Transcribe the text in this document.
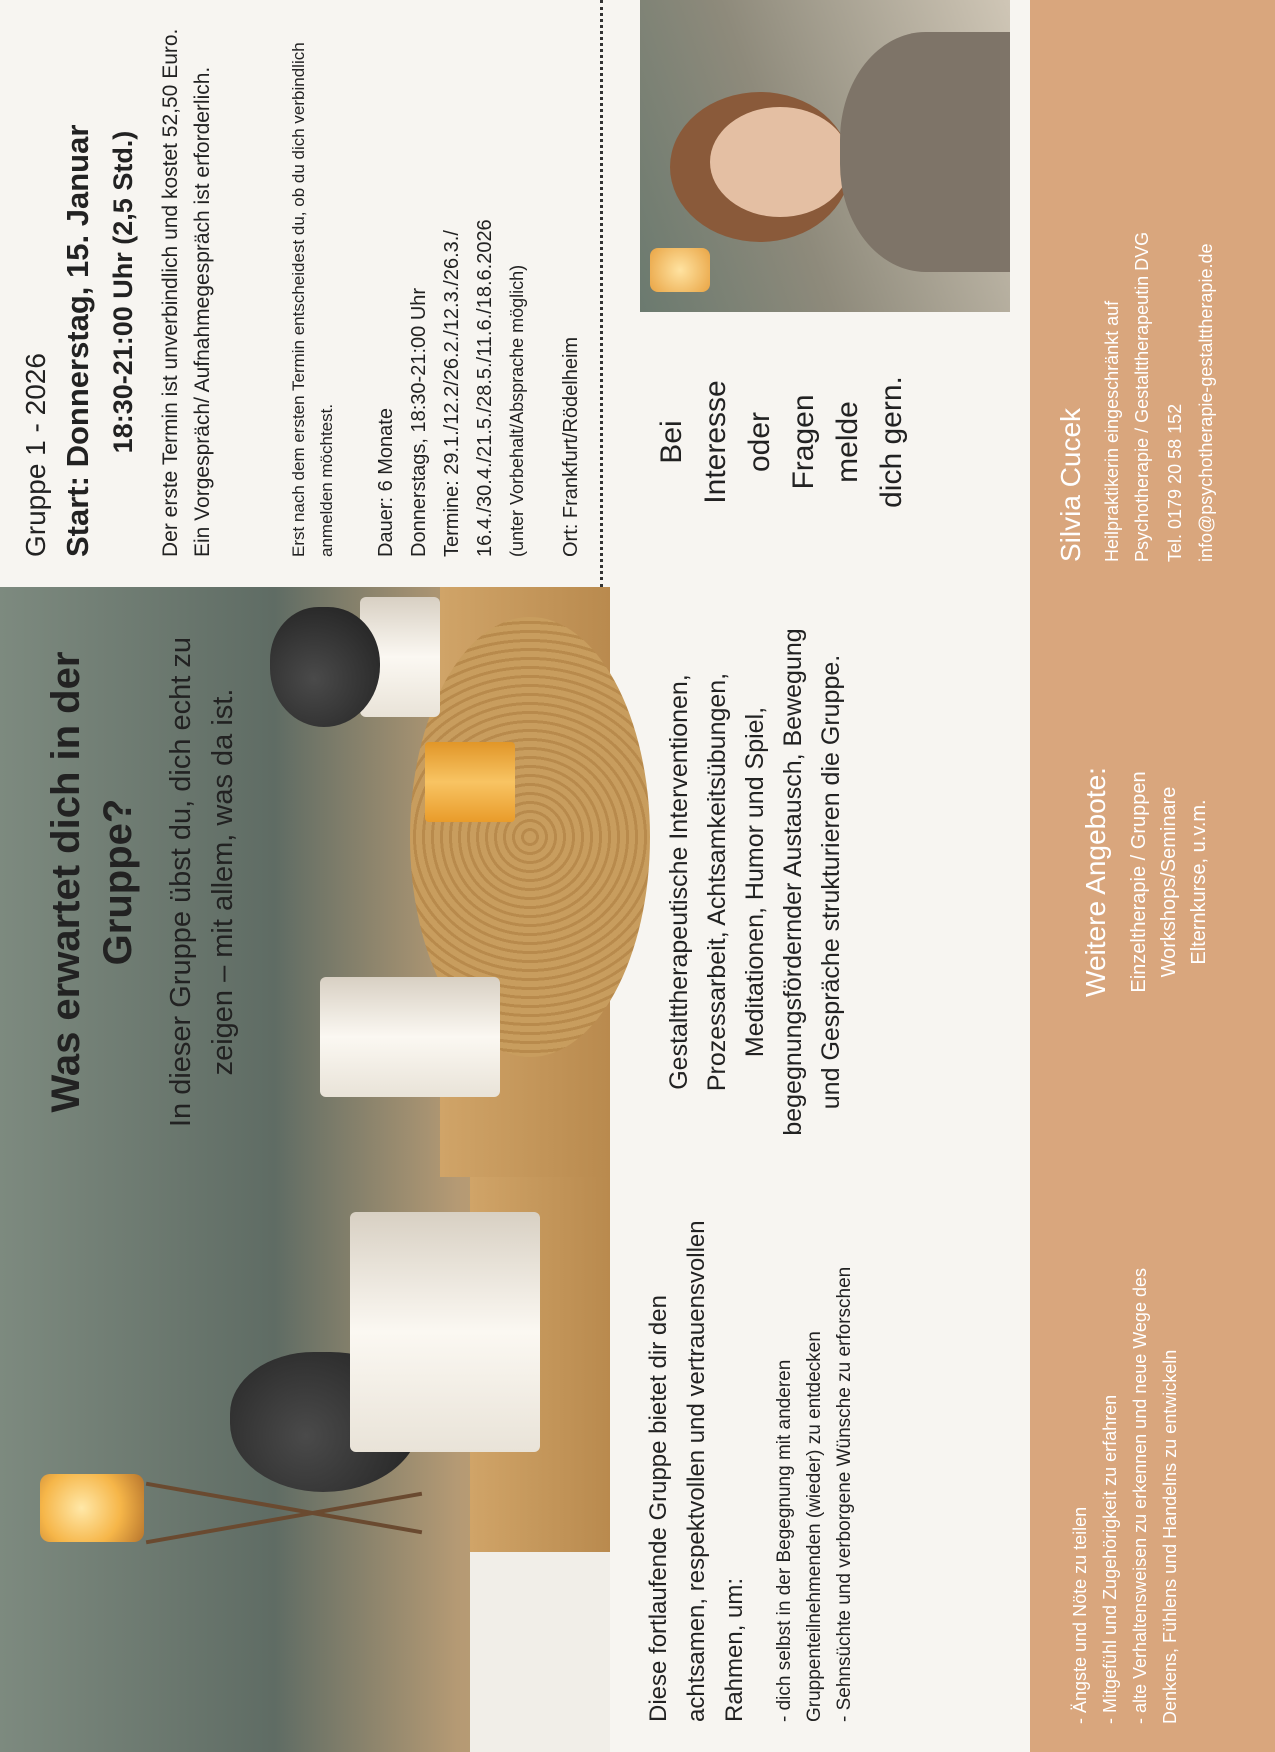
Diese fortlaufende Gruppe bietet dir den achtsamen, respektvollen und vertrauensvollen Rahmen, um:	- dich selbst in der Begegnung mit anderen Gruppenteilnehmenden (wieder) zu entdecken - Sehnsüchte und verborgene Wünsche zu erforschen	- Ängste und Nöte zu teilen - Mitgefühl und Zugehörigkeit zu erfahren - alte Verhaltensweisen zu erkennen und neue Wege des Denkens, Fühlens und Handelns zu entwickeln
Was erwartet dich in der Gruppe? In dieser Gruppe übst du, dich echt zu zeigen – mit allem, was da ist.	Gestalttherapeutische Interventionen, Prozessarbeit, Achtsamkeitsübungen, Meditationen, Humor und Spiel, begegnungsfördernder Austausch, Bewegung und Gespräche strukturieren die Gruppe.	Weitere Angebote: Einzeltherapie / Gruppen Workshops/Seminare Elternkurse, u.v.m.
Gruppe 1 - 2026 Start: Donnerstag, 15. Januar 18:30-21:00 Uhr (2,5 Std.) Der erste Termin ist unverbindlich und kostet 52,50 Euro. Ein Vorgespräch/ Aufnahmegespräch ist erforderlich.	Erst nach dem ersten Termin entscheidest du, ob du dich verbindlich anmelden möchtest. Dauer: 6 Monate Donnerstags, 18:30-21:00 Uhr Termine: 29.1./12.2/26.2./12.3./26.3./ 16.4./30.4./21.5./28.5./11.6./18.6.2026 (unter Vorbehalt/Absprache möglich) Ort: Frankfurt/Rödelheim Bei Interesse oder Fragen melde dich gern.	Silvia Cucek Heilpraktikerin eingeschränkt auf Psychotherapie / Gestalttherapeutin DVG Tel. 0179 20 58 152 info@psychotherapie-gestalttherapie.de
